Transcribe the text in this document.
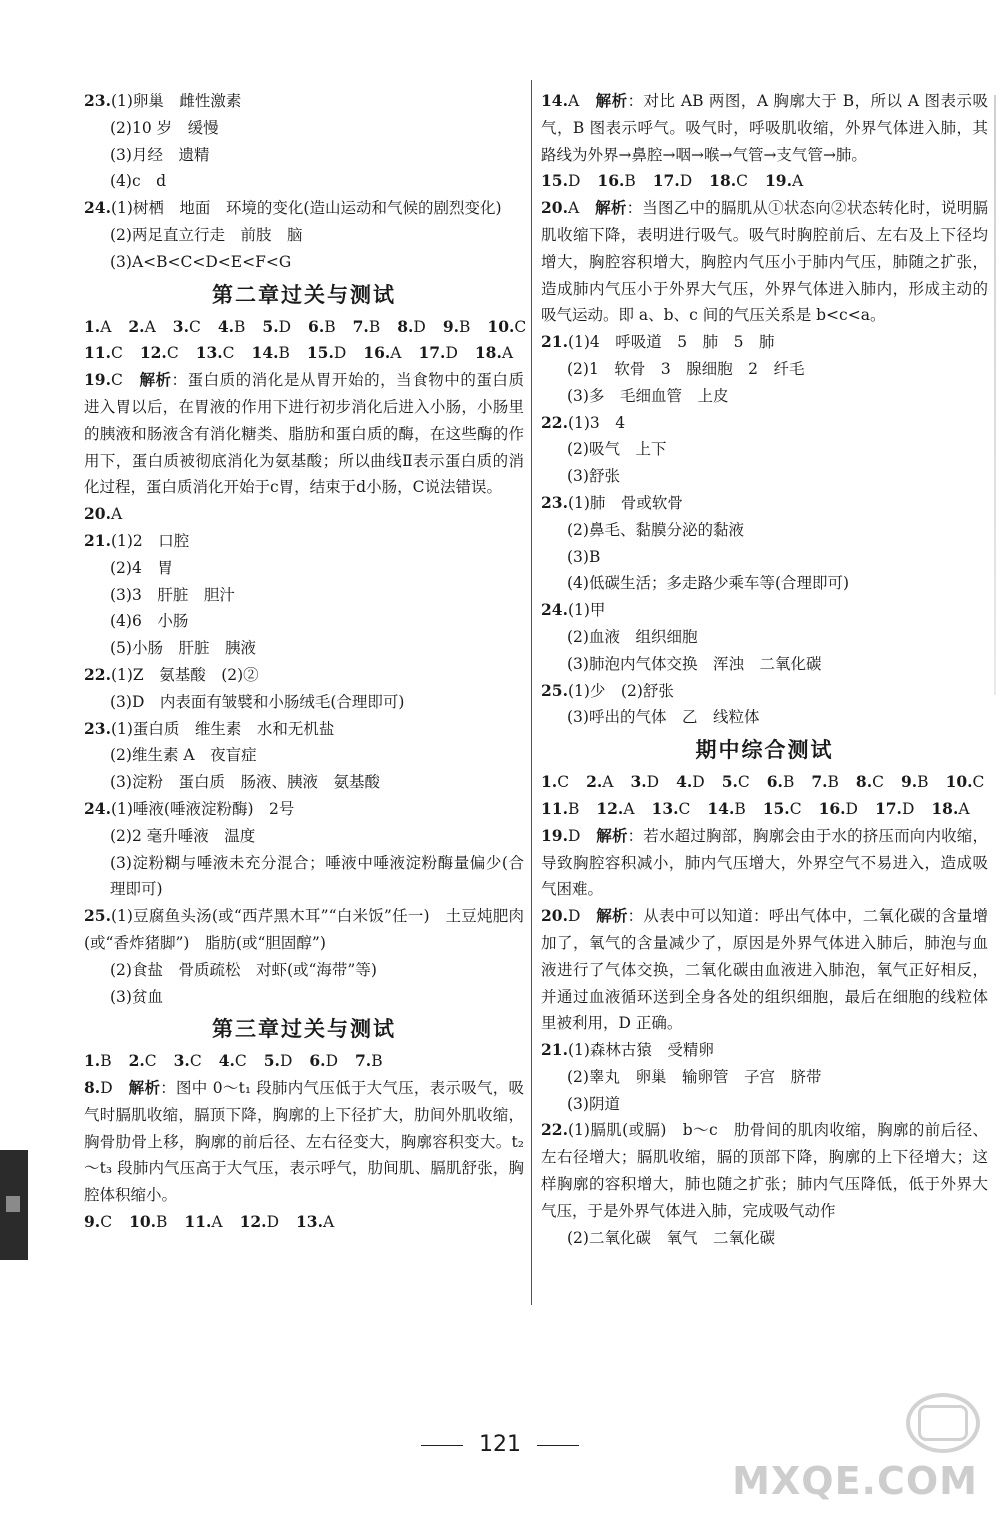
23.(1)卵巢　雌性激素
(2)10 岁　缓慢
(3)月经　遗精
(4)c　d
24.(1)树栖　地面　环境的变化(造山运动和气候的剧烈变化)
(2)两足直立行走　前肢　脑
(3)A<B<C<D<E<F<G
第二章过关与测试
1.A 2.A 3.C 4.B 5.D 6.B 7.B 8.D 9.B 10.C
11.C 12.C 13.C 14.B 15.D 16.A 17.D 18.A
19.C　 解析：蛋白质的消化是从胃开始的，当食物中的蛋白质进入胃以后，在胃液的作用下进行初步消化后进入小肠，小肠里的胰液和肠液含有消化糖类、脂肪和蛋白质的酶，在这些酶的作用下，蛋白质被彻底消化为氨基酸；所以曲线Ⅱ表示蛋白质的消化过程，蛋白质消化开始于c胃，结束于d小肠，C说法错误。
20.A
21.(1)2　口腔
(2)4　胃
(3)3　肝脏　胆汁
(4)6　小肠
(5)小肠　肝脏　胰液
22.(1)Z　氨基酸　(2)②
(3)D　内表面有皱襞和小肠绒毛(合理即可)
23.(1)蛋白质　维生素　水和无机盐
(2)维生素 A　夜盲症
(3)淀粉　蛋白质　肠液、胰液　氨基酸
24.(1)唾液(唾液淀粉酶)　2号
(2)2 毫升唾液　温度
(3)淀粉糊与唾液未充分混合；唾液中唾液淀粉酶量偏少(合理即可)
25.(1)豆腐鱼头汤(或“西芹黑木耳”“白米饭”任一)　土豆炖肥肉(或“香炸猪脚”)　脂肪(或“胆固醇”)
(2)食盐　骨质疏松　对虾(或“海带”等)
(3)贫血
第三章过关与测试
1.B 2.C 3.C 4.C 5.D 6.D 7.B
8.D　 解析：图中 0～t₁ 段肺内气压低于大气压，表示吸气，吸气时膈肌收缩，膈顶下降，胸廓的上下径扩大，肋间外肌收缩，胸骨肋骨上移，胸廓的前后径、左右径变大，胸廓容积变大。t₂～t₃ 段肺内气压高于大气压，表示呼气，肋间肌、膈肌舒张，胸腔体积缩小。
9.C 10.B 11.A 12.D 13.A
14.A　 解析：对比 AB 两图，A 胸廓大于 B，所以 A 图表示吸气，B 图表示呼气。吸气时，呼吸肌收缩，外界气体进入肺，其路线为外界→鼻腔→咽→喉→气管→支气管→肺。
15.D 16.B 17.D 18.C 19.A
20.A　 解析：当图乙中的膈肌从①状态向②状态转化时，说明膈肌收缩下降，表明进行吸气。吸气时胸腔前后、左右及上下径均增大，胸腔容积增大，胸腔内气压小于肺内气压，肺随之扩张，造成肺内气压小于外界大气压，外界气体进入肺内，形成主动的吸气运动。即 a、b、c 间的气压关系是 b<c<a。
21.(1)4　呼吸道　5　肺　5　肺
(2)1　软骨　3　腺细胞　2　纤毛
(3)多　毛细血管　上皮
22.(1)3　4
(2)吸气　上下
(3)舒张
23.(1)肺　骨或软骨
(2)鼻毛、黏膜分泌的黏液
(3)B
(4)低碳生活；多走路少乘车等(合理即可)
24.(1)甲
(2)血液　组织细胞
(3)肺泡内气体交换　浑浊　二氧化碳
25.(1)少　(2)舒张
(3)呼出的气体　乙　线粒体
期中综合测试
1.C 2.A 3.D 4.D 5.C 6.B 7.B 8.C 9.B 10.C
11.B 12.A 13.C 14.B 15.C 16.D 17.D 18.A
19.D　 解析：若水超过胸部，胸廓会由于水的挤压而向内收缩，导致胸腔容积减小，肺内气压增大，外界空气不易进入，造成吸气困难。
20.D　 解析：从表中可以知道：呼出气体中，二氧化碳的含量增加了，氧气的含量减少了，原因是外界气体进入肺后，肺泡与血液进行了气体交换，二氧化碳由血液进入肺泡，氧气正好相反，并通过血液循环送到全身各处的组织细胞，最后在细胞的线粒体里被利用，D 正确。
21.(1)森林古猿　受精卵
(2)睾丸　卵巢　输卵管　子宫　脐带
(3)阴道
22.(1)膈肌(或膈)　b～c　肋骨间的肌肉收缩，胸廓的前后径、左右径增大；膈肌收缩，膈的顶部下降，胸廓的上下径增大；这样胸廓的容积增大，肺也随之扩张；肺内气压降低，低于外界大气压，于是外界气体进入肺，完成吸气动作
(2)二氧化碳　氧气　二氧化碳
121
MXQE.COM
